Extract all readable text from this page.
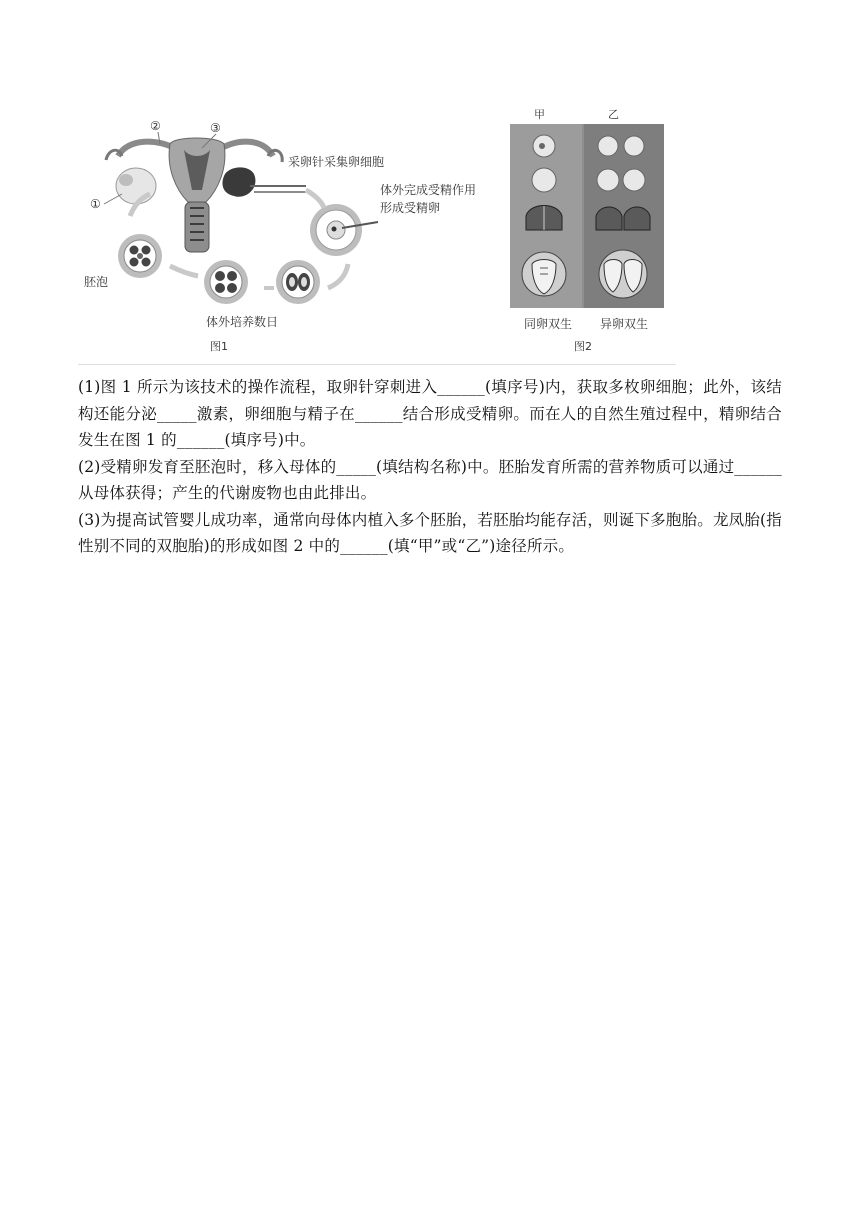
①
②	③
采卵针采集卵细胞
体外完成受精作用
形成受精卵
胚泡
体外培养数日
图1
甲	乙
同卵双生 异卵双生
图2

(1)图 1 所示为该技术的操作流程，取卵针穿刺进入______(填序号)内，获取多枚卵细胞；此外，该结构还能分泌_____激素，卵细胞与精子在______结合形成受精卵。而在人的自然生殖过程中，精卵结合发生在图 1 的______(填序号)中。

(2)受精卵发育至胚泡时，移入母体的_____(填结构名称)中。胚胎发育所需的营养物质可以通过______从母体获得；产生的代谢废物也由此排出。

(3)为提高试管婴儿成功率，通常向母体内植入多个胚胎，若胚胎均能存活，则诞下多胞胎。龙凤胎(指性别不同的双胞胎)的形成如图 2 中的______(填“甲”或“乙”)途径所示。
